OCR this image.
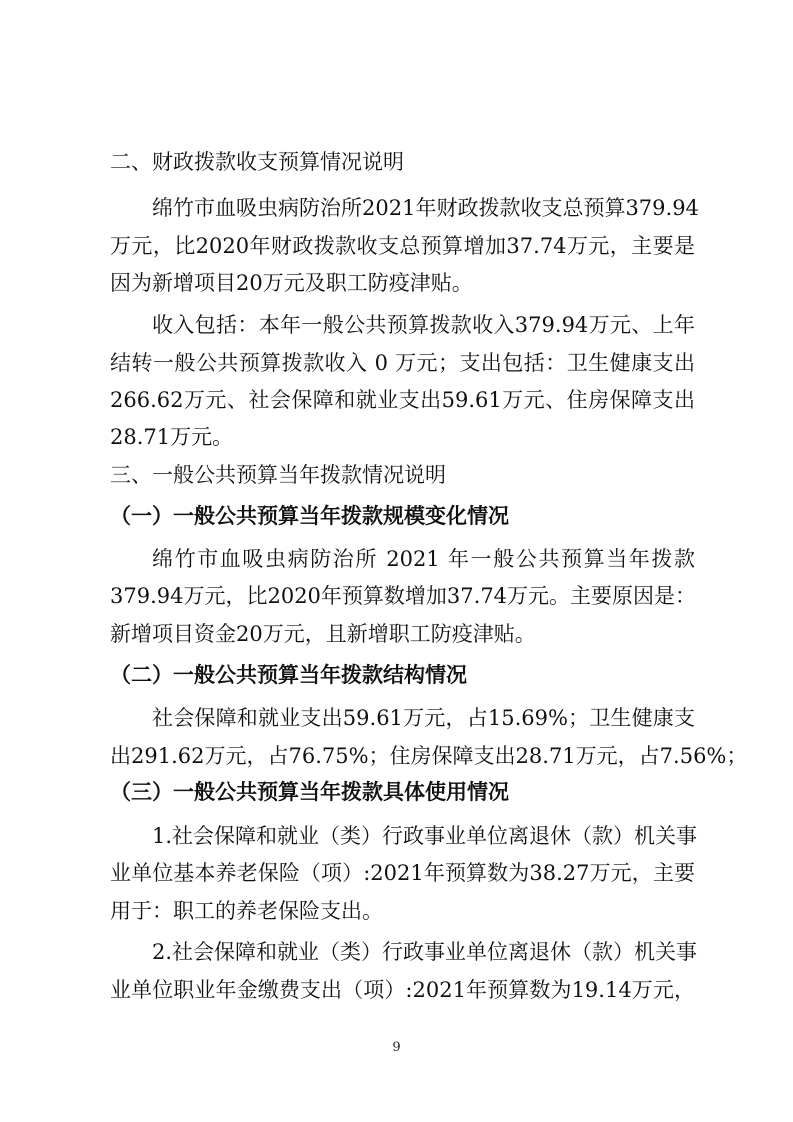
二、财政拨款收支预算情况说明
绵竹市血吸虫病防治所2021年财政拨款收支总预算379.94
万元，比2020年财政拨款收支总预算增加37.74万元，主要是
因为新增项目20万元及职工防疫津贴。
收入包括：本年一般公共预算拨款收入379.94万元、上年
结转一般公共预算拨款收入 0 万元；支出包括：卫生健康支出
266.62万元、社会保障和就业支出59.61万元、住房保障支出
28.71万元。
三、一般公共预算当年拨款情况说明
（一）一般公共预算当年拨款规模变化情况
绵竹市血吸虫病防治所 2021 年一般公共预算当年拨款
379.94万元，比2020年预算数增加37.74万元。主要原因是：
新增项目资金20万元，且新增职工防疫津贴。
（二）一般公共预算当年拨款结构情况
社会保障和就业支出59.61万元，占15.69%；卫生健康支
出291.62万元，占76.75%；住房保障支出28.71万元，占7.56%；
（三）一般公共预算当年拨款具体使用情况
1.社会保障和就业（类）行政事业单位离退休（款）机关事
业单位基本养老保险（项）:2021年预算数为38.27万元，主要
用于：职工的养老保险支出。
2.社会保障和就业（类）行政事业单位离退休（款）机关事
业单位职业年金缴费支出（项）:2021年预算数为19.14万元，
9
